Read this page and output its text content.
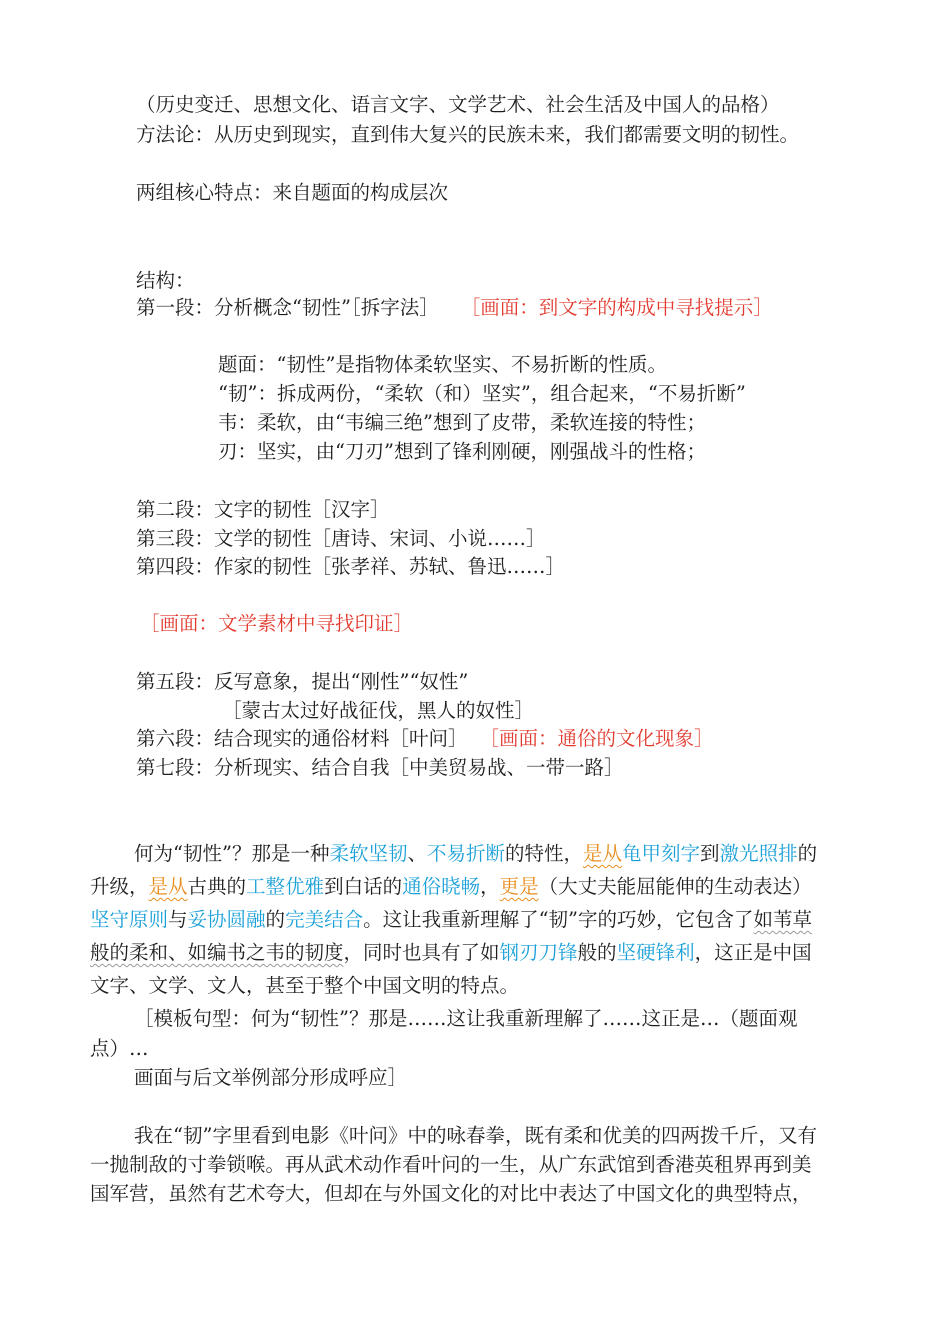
（历史变迁、思想文化、语言文字、文学艺术、社会生活及中国人的品格）
方法论：从历史到现实，直到伟大复兴的民族未来，我们都需要文明的韧性。
两组核心特点：来自题面的构成层次
结构：
第一段：分析概念“韧性”［拆字法］ ［画面：到文字的构成中寻找提示］
题面：“韧性”是指物体柔软坚实、不易折断的性质。
“韧”：拆成两份，“柔软（和）坚实”，组合起来，“不易折断”
韦：柔软，由“韦编三绝”想到了皮带，柔软连接的特性；
刃：坚实，由“刀刃”想到了锋利刚硬，刚强战斗的性格；
第二段：文字的韧性［汉字］
第三段：文学的韧性［唐诗、宋词、小说……］
第四段：作家的韧性［张孝祥、苏轼、鲁迅……］
［画面：文学素材中寻找印证］
第五段：反写意象，提出“刚性”“奴性”
［蒙古太过好战征伐，黑人的奴性］
第六段：结合现实的通俗材料［叶问］ ［画面：通俗的文化现象］
第七段：分析现实、结合自我［中美贸易战、一带一路］
何为“韧性”？那是一种柔软坚韧、不易折断的特性，是从龟甲刻字到激光照排的
升级，是从古典的工整优雅到白话的通俗晓畅，更是（大丈夫能屈能伸的生动表达）
坚守原则与妥协圆融的完美结合。这让我重新理解了“韧”字的巧妙，它包含了如苇草
般的柔和、如编书之韦的韧度，同时也具有了如钢刃刀锋般的坚硬锋利，这正是中国
文字、文学、文人，甚至于整个中国文明的特点。
［模板句型：何为“韧性”？那是……这让我重新理解了……这正是…（题面观
点）…
画面与后文举例部分形成呼应］
我在“韧”字里看到电影《叶问》中的咏春拳，既有柔和优美的四两拨千斤，又有
一抛制敌的寸拳锁喉。再从武术动作看叶问的一生，从广东武馆到香港英租界再到美
国军营，虽然有艺术夸大，但却在与外国文化的对比中表达了中国文化的典型特点，
